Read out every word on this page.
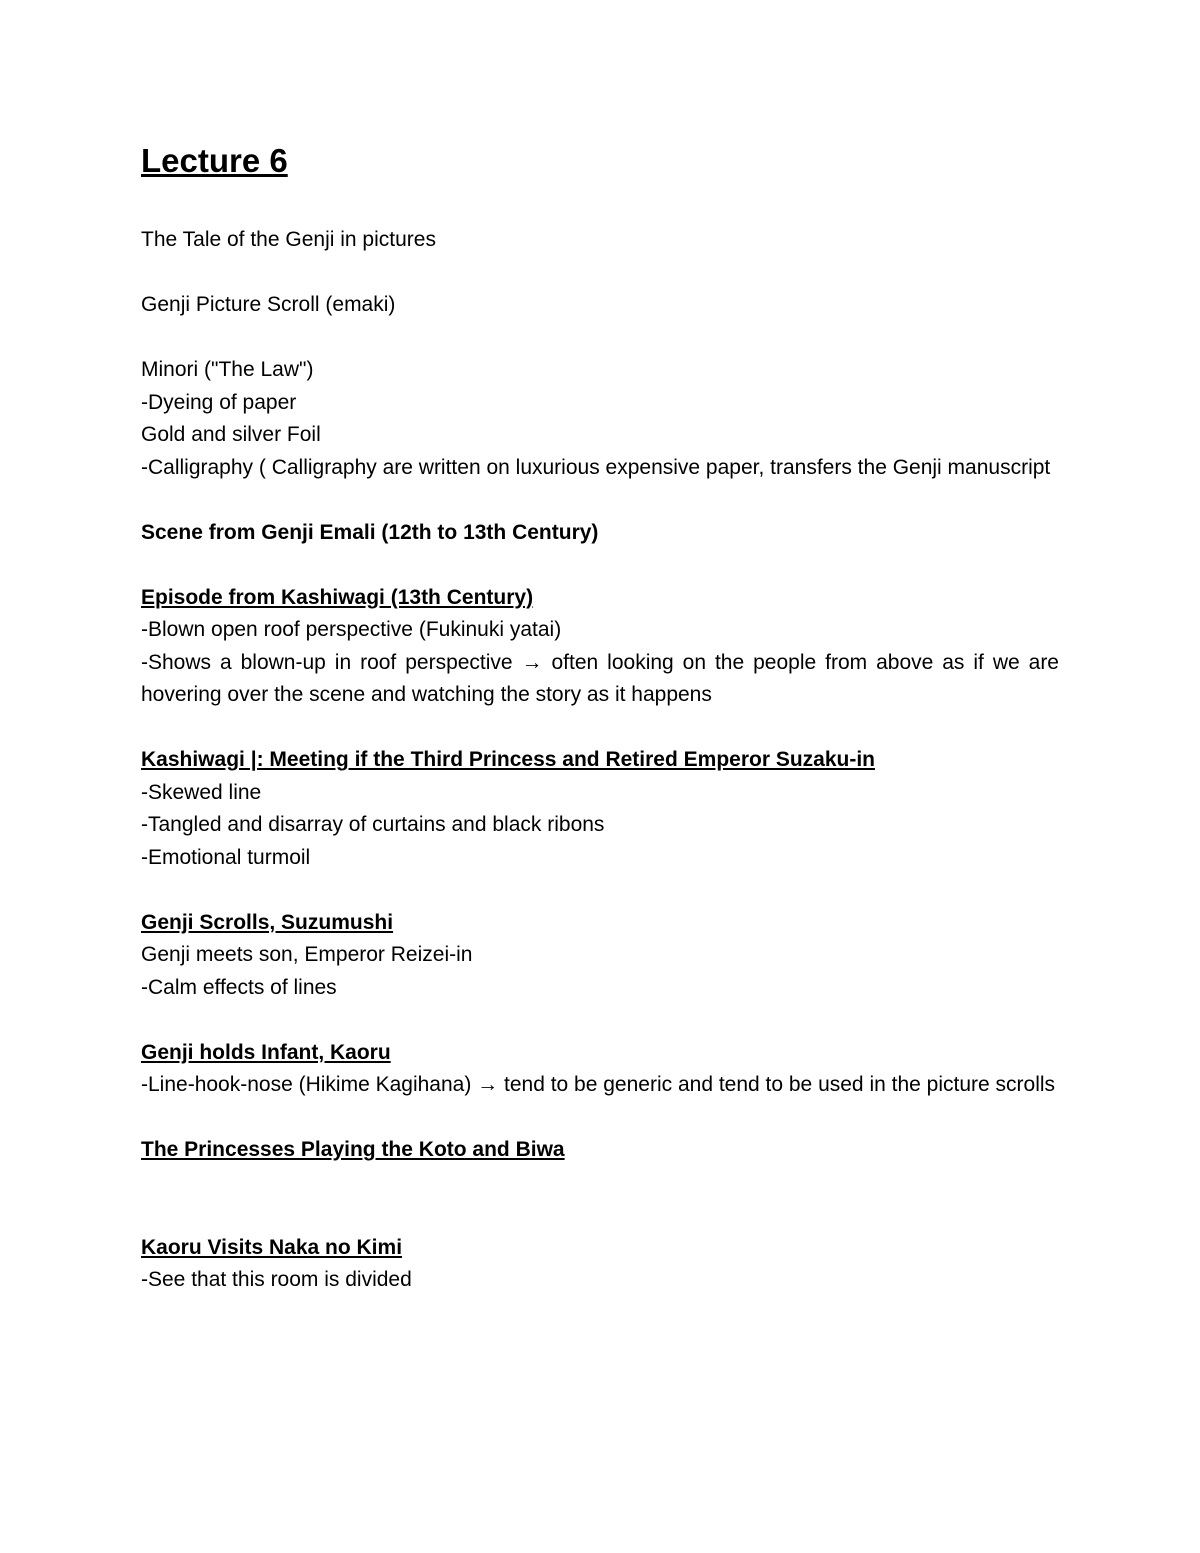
Lecture 6

The Tale of the Genji in pictures

Genji Picture Scroll (emaki)

Minori ("The Law")

-Dyeing of paper

Gold and silver Foil

-Calligraphy ( Calligraphy are written on luxurious expensive paper, transfers the Genji manuscript

Scene from Genji Emali (12th to 13th Century)

Episode from Kashiwagi (13th Century)

-Blown open roof perspective (Fukinuki yatai)

-Shows a blown-up in roof perspective → often looking on the people from above as if we are hovering over the scene and watching the story as it happens

Kashiwagi |: Meeting if the Third Princess and Retired Emperor Suzaku-in

-Skewed line

-Tangled and disarray of curtains and black ribons

-Emotional turmoil

Genji Scrolls, Suzumushi

Genji meets son, Emperor Reizei-in

-Calm effects of lines

Genji holds Infant, Kaoru

-Line-hook-nose (Hikime Kagihana) → tend to be generic and tend to be used in the picture scrolls

The Princesses Playing the Koto and Biwa

Kaoru Visits Naka no Kimi

-See that this room is divided
